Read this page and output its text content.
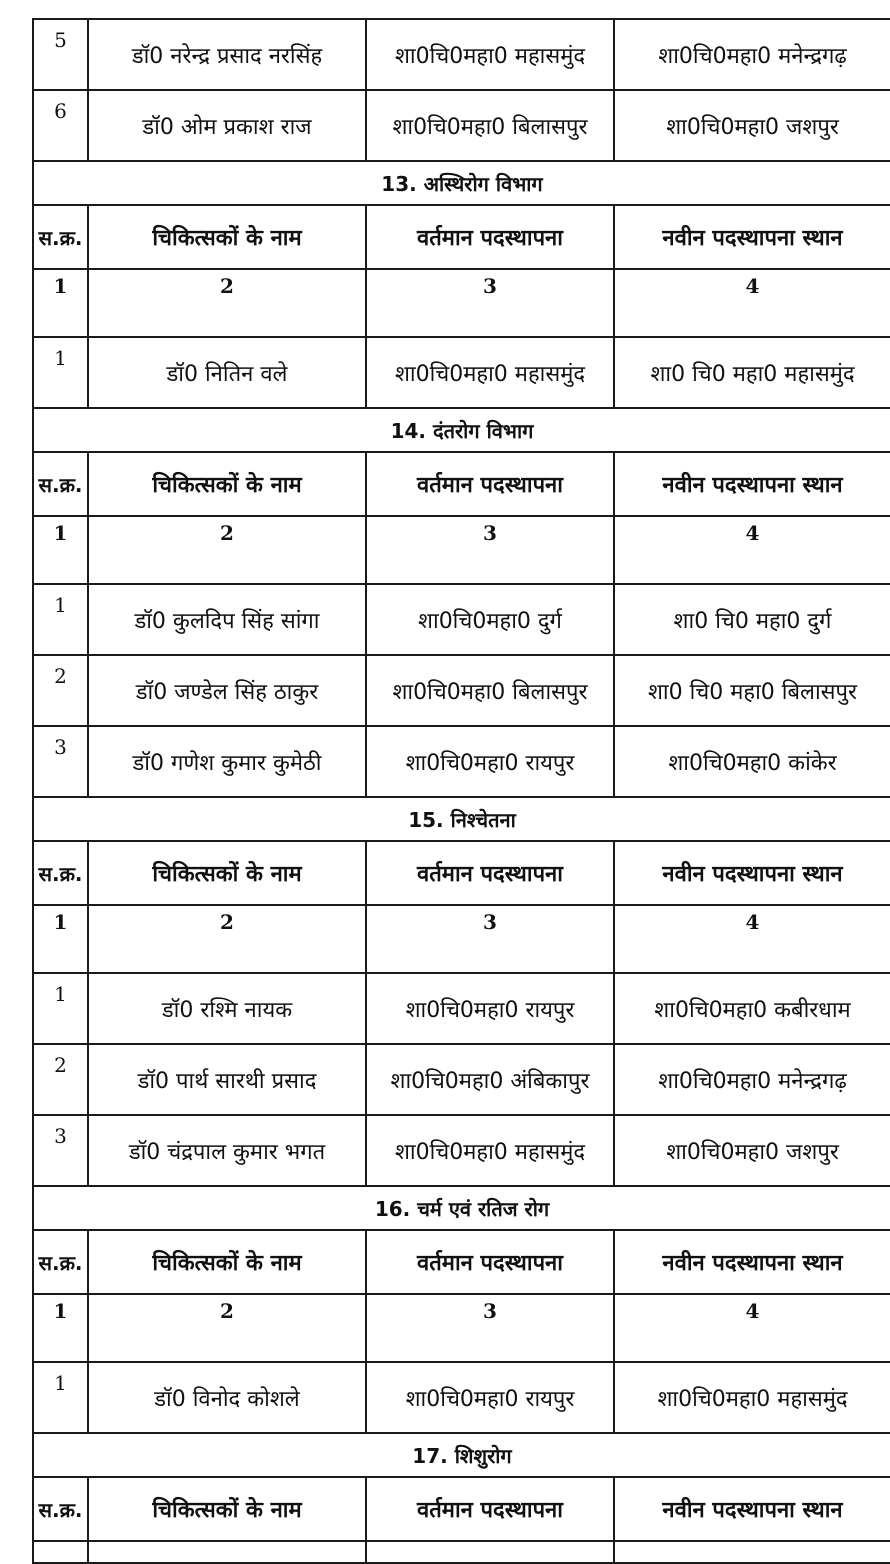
5	डॉ0 नरेन्द्र प्रसाद नरसिंह	शा0चि0महा0 महासमुंद	शा0चि0महा0 मनेन्द्रगढ़
6	डॉ0 ओम प्रकाश राज	शा0चि0महा0 बिलासपुर	शा0चि0महा0 जशपुर
13. अस्थिरोग विभाग			
स.क्र.	चिकित्सकों के नाम	वर्तमान पदस्थापना	नवीन पदस्थापना स्थान
1	2	3	4
1	डॉ0 नितिन वले	शा0चि0महा0 महासमुंद	शा0 चि0 महा0 महासमुंद
14. दंतरोग विभाग			
स.क्र.	चिकित्सकों के नाम	वर्तमान पदस्थापना	नवीन पदस्थापना स्थान
1	2	3	4
1	डॉ0 कुलदिप सिंह सांगा	शा0चि0महा0 दुर्ग	शा0 चि0 महा0 दुर्ग
2	डॉ0 जण्डेल सिंह ठाकुर	शा0चि0महा0 बिलासपुर	शा0 चि0 महा0 बिलासपुर
3	डॉ0 गणेश कुमार कुमेठी	शा0चि0महा0 रायपुर	शा0चि0महा0 कांकेर
15. निश्चेतना			
स.क्र.	चिकित्सकों के नाम	वर्तमान पदस्थापना	नवीन पदस्थापना स्थान
1	2	3	4
1	डॉ0 रश्मि नायक	शा0चि0महा0 रायपुर	शा0चि0महा0 कबीरधाम
2	डॉ0 पार्थ सारथी प्रसाद	शा0चि0महा0 अंबिकापुर	शा0चि0महा0 मनेन्द्रगढ़
3	डॉ0 चंद्रपाल कुमार भगत	शा0चि0महा0 महासमुंद	शा0चि0महा0 जशपुर
16. चर्म एवं रतिज रोग			
स.क्र.	चिकित्सकों के नाम	वर्तमान पदस्थापना	नवीन पदस्थापना स्थान
1	2	3	4
1	डॉ0 विनोद कोशले	शा0चि0महा0 रायपुर	शा0चि0महा0 महासमुंद
17. शिशुरोग			
स.क्र.	चिकित्सकों के नाम	वर्तमान पदस्थापना	नवीन पदस्थापना स्थान
